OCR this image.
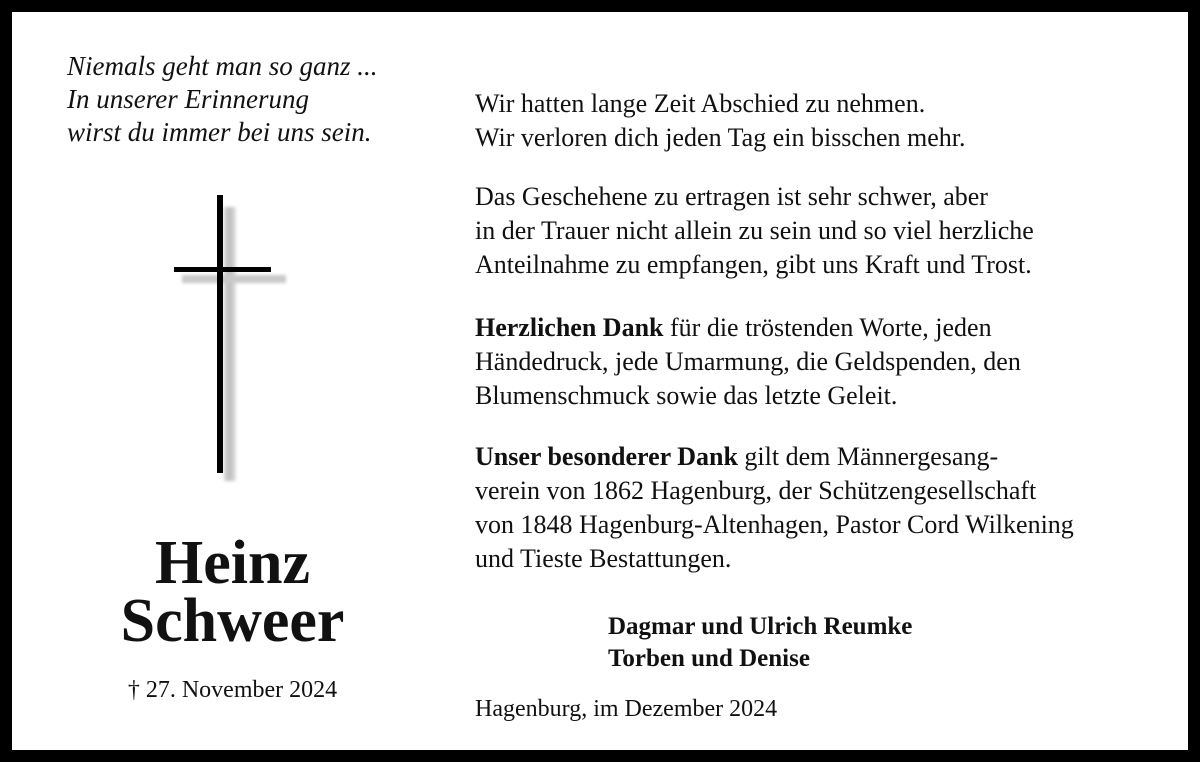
Niemals geht man so ganz ...
In unserer Erinnerung
wirst du immer bei uns sein.
Heinz
Schweer
† 27. November 2024
Wir hatten lange Zeit Abschied zu nehmen.
Wir verloren dich jeden Tag ein bisschen mehr.
Das Geschehene zu ertragen ist sehr schwer, aber
in der Trauer nicht allein zu sein und so viel herzliche
Anteilnahme zu empfangen, gibt uns Kraft und Trost.
Herzlichen Dank für die tröstenden Worte, jeden
Händedruck, jede Umarmung, die Geldspenden, den
Blumenschmuck sowie das letzte Geleit.
Unser besonderer Dank gilt dem Männergesang-
verein von 1862 Hagenburg, der Schützengesellschaft
von 1848 Hagenburg-Altenhagen, Pastor Cord Wilkening
und Tieste Bestattungen.
Dagmar und Ulrich Reumke
Torben und Denise
Hagenburg, im Dezember 2024
